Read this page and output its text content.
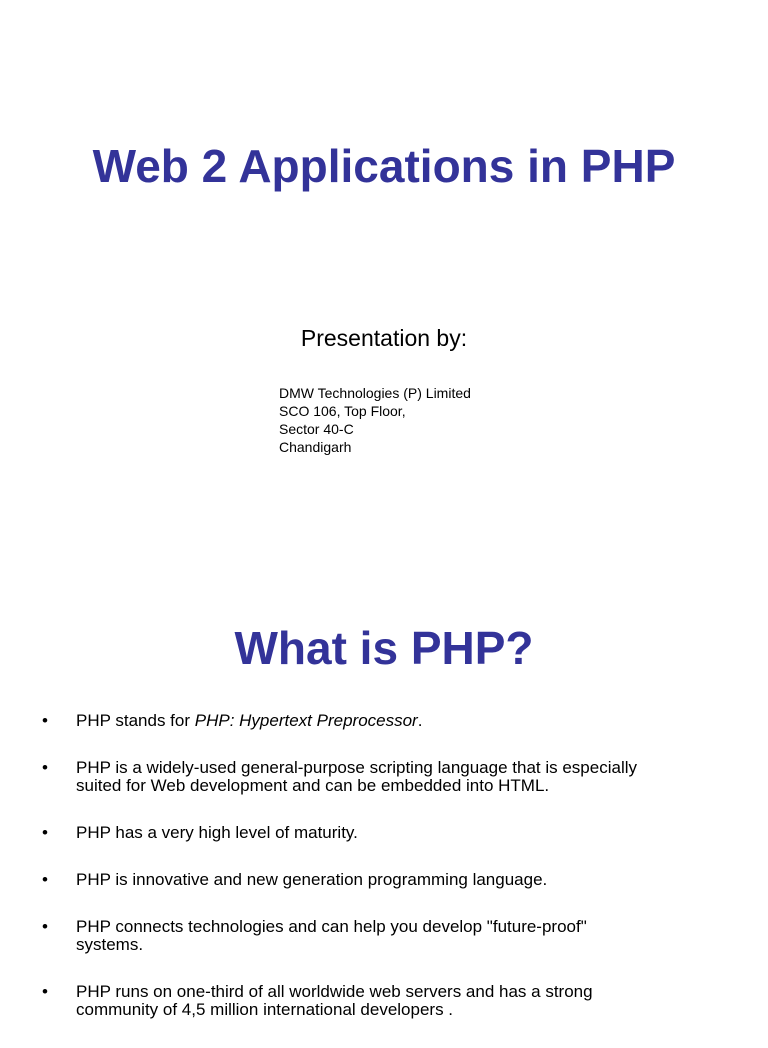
Web 2 Applications in PHP
Presentation by:
DMW Technologies (P) Limited
SCO 106, Top Floor,
Sector 40-C
Chandigarh
What is PHP?
• PHP stands for PHP: Hypertext Preprocessor.
• PHP is a widely-used general-purpose scripting language that is especially
suited for Web development and can be embedded into HTML.
• PHP has a very high level of maturity.
• PHP is innovative and new generation programming language.
• PHP connects technologies and can help you develop "future-proof"
systems.
• PHP runs on one-third of all worldwide web servers and has a strong
community of 4,5 million international developers .
